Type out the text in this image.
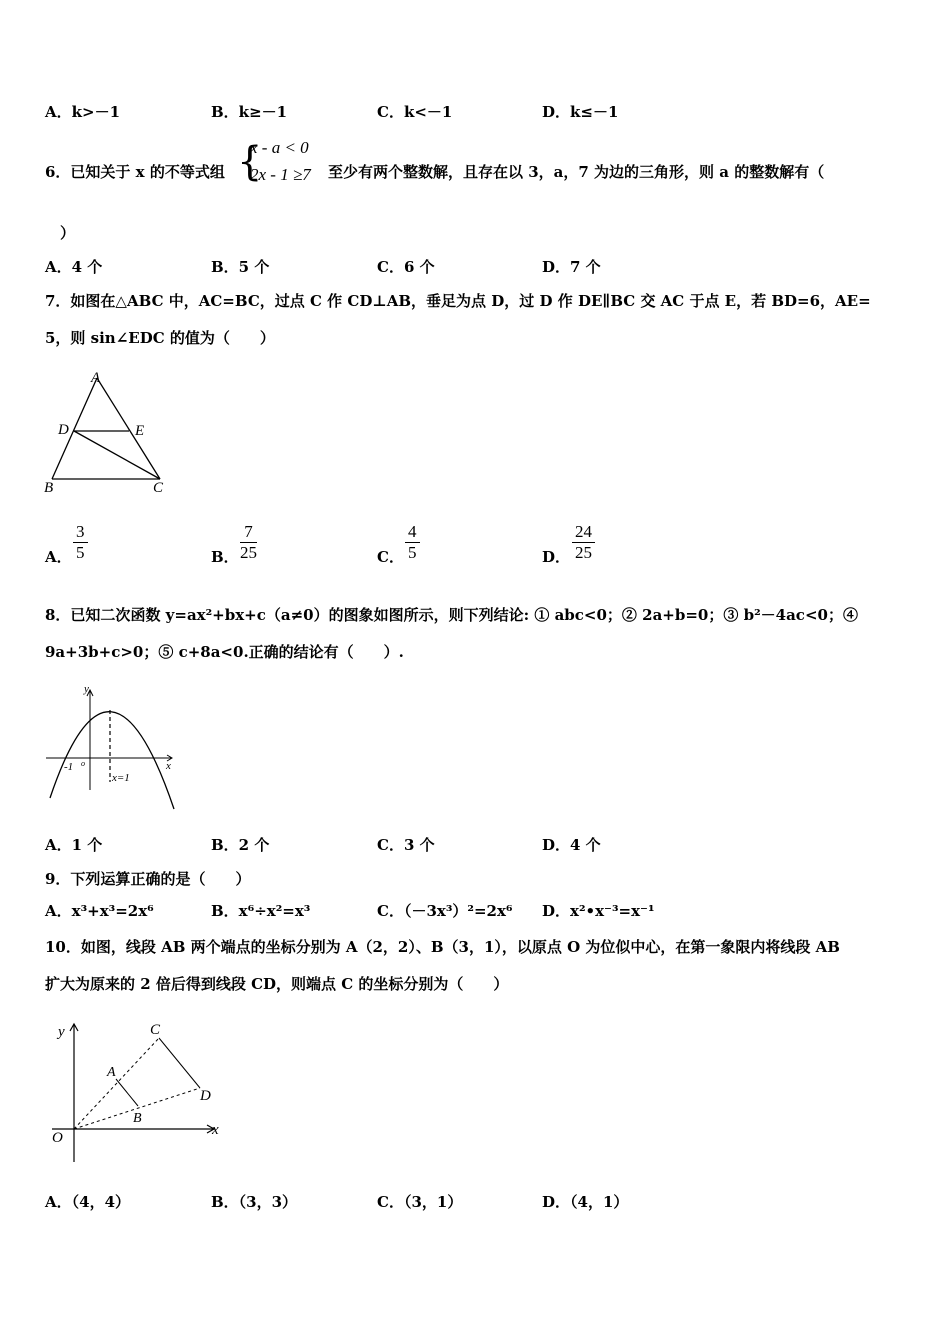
A．k>－1	B．k≥－1	C．k<－1	D．k≤－1
6．已知关于 x 的不等式组 {
x - a < 0
2x - 1 ≥7 至少有两个整数解，且存在以 3，a，7 为边的三角形，则 a 的整数解有（
）
A．4 个	B．5 个	C．6 个	D．7 个
7．如图在△ABC 中，AC=BC，过点 C 作 CD⊥AB，垂足为点 D，过 D 作 DE∥BC 交 AC 于点 E，若 BD=6，AE=
5，则 sin∠EDC 的值为（　　）
A
D	E
B	C
A． $\frac{3}{5}$	B． $\frac{7}{25}$	C． $\frac{4}{5}$	D． $\frac{24}{25}$
8．已知二次函数 y=ax²+bx+c（a≠0）的图象如图所示，则下列结论: ① abc<0；② 2a+b=0；③ b²－4ac<0；④
9a+3b+c>0；⑤ c+8a<0.正确的结论有（　　）.
y
x
-1 o
x=1
A．1 个	B．2 个	C．3 个	D．4 个
9．下列运算正确的是（　　）
A．x³+x³=2x⁶	B．x⁶÷x²=x³	C．（－3x³）²=2x⁶ D．x²•x⁻³=x⁻¹
10．如图，线段 AB 两个端点的坐标分别为 A（2，2）、B（3，1），以原点 O 为位似中心，在第一象限内将线段 AB
扩大为原来的 2 倍后得到线段 CD，则端点 C 的坐标分别为（　　）
y
x
O
A
B
C
D
A．（4，4）	B．（3，3）	C．（3，1）	D．（4，1）
